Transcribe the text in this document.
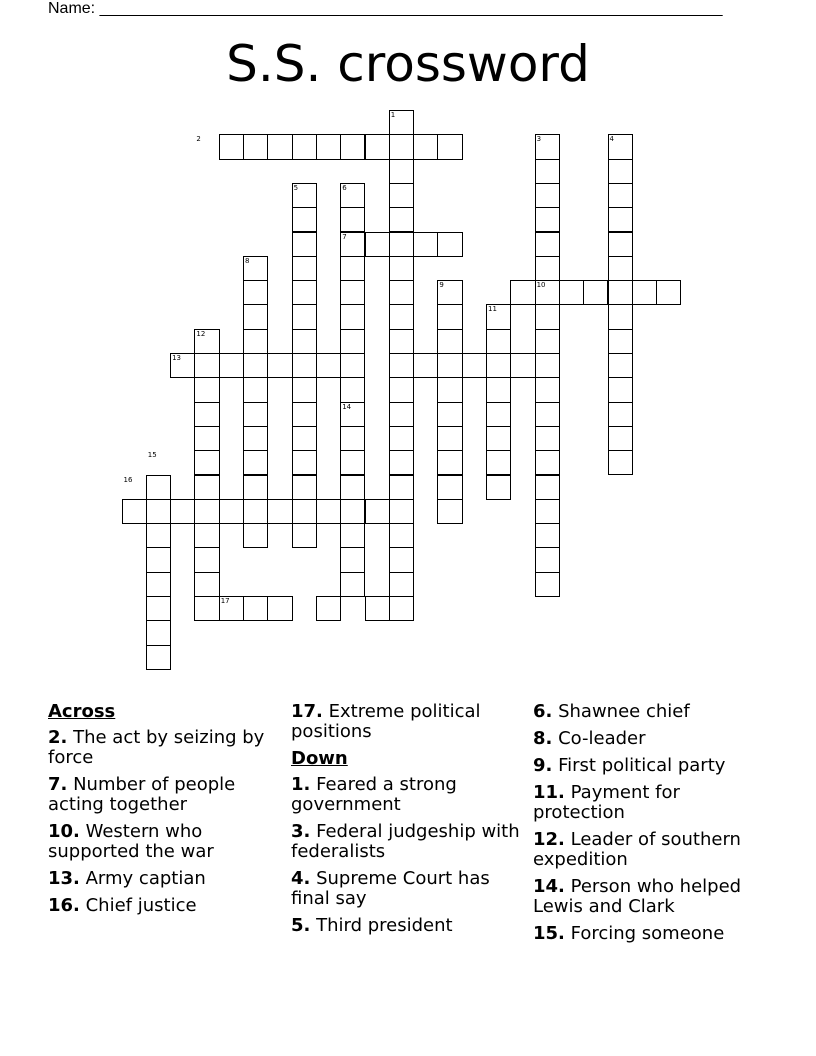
Name: ______________________________________________________________________
S.S. crossword
1
2	3	4
5	6
7
8
9	10
11
12
13
14
15
16
17
Across
2. The act by seizing by force
7. Number of people acting together
10. Western who supported the war
13. Army captian
16. Chief justice
17. Extreme political positions
Down
1. Feared a strong government
3. Federal judgeship with federalists
4. Supreme Court has final say
5. Third president
6. Shawnee chief
8. Co-leader
9. First political party
11. Payment for protection
12. Leader of southern expedition
14. Person who helped Lewis and Clark
15. Forcing someone
